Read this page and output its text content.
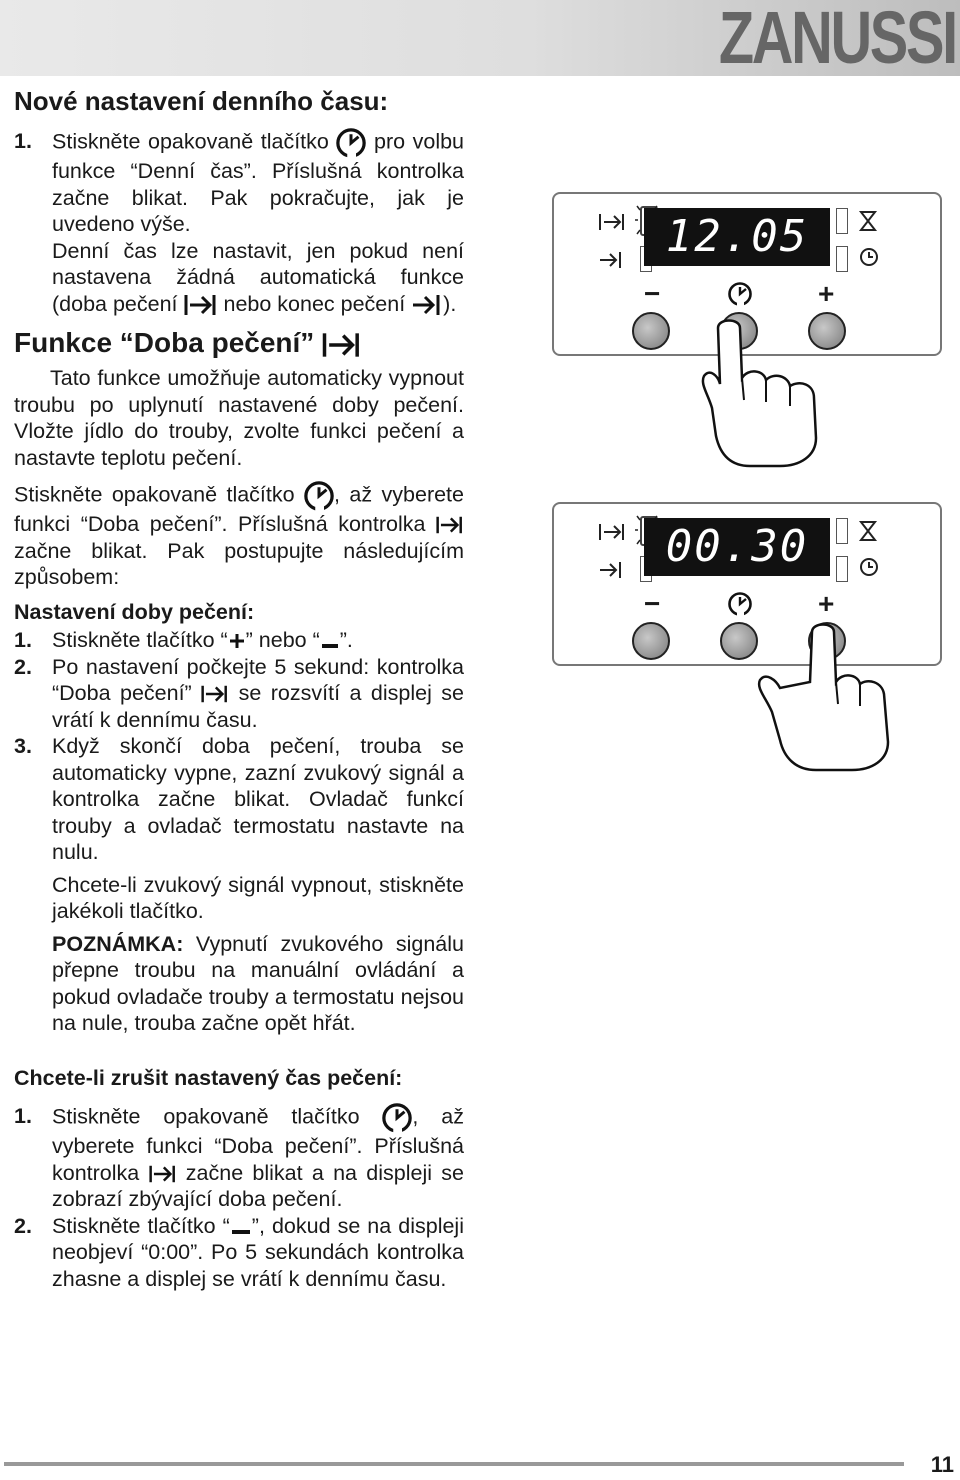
ZANUSSI
Nové nastavení denního času:
1. Stiskněte opakovaně tlačítko pro volbu funkce “Denní čas”. Příslušná kontrolka začne blikat. Pak pokračujte, jak je uvedeno výše.
Denní čas lze nastavit, jen pokud není nastavena žádná automatická funkce (doba pečení nebo konec pečení ).
Funkce “Doba pečení”

Tato funkce umožňuje automaticky vypnout troubu po uplynutí nastavené doby pečení. Vložte jídlo do trouby, zvolte funkci pečení a nastavte teplotu pečení.

Stiskněte opakovaně tlačítko , až vyberete funkci “Doba pečení”. Příslušná kontrolka  začne blikat. Pak postupujte následujícím způsobem:

Nastavení doby pečení:
1. Stiskněte tlačítko “ ” nebo “ ”.
2. Po nastavení počkejte 5 sekund: kontrolka “Doba pečení” se rozsvítí a displej se vrátí k dennímu času.
3. Když skončí doba pečení, trouba se automaticky vypne, zazní zvukový signál a kontrolka začne blikat. Ovladač funkcí trouby a ovladač termostatu nastavte na nulu.

Chcete-li zvukový signál vypnout, stiskněte jakékoli tlačítko.

POZNÁMKA: Vypnutí zvukového signálu přepne troubu na manuální ovládání a pokud ovladače trouby a termostatu nejsou na nule, trouba začne opět hřát.

Chcete-li zrušit nastavený čas pečení:
1. Stiskněte opakovaně tlačítko , až vyberete funkci “Doba pečení”. Příslušná kontrolka začne blikat a na displeji se zobrazí zbývající doba pečení.
2. Stiskněte tlačítko “ ”, dokud se na displeji neobjeví “0:00”. Po 5 sekundách kontrolka zhasne a displej se vrátí k dennímu času.
12.05
−	+
00.30
−	+
11
